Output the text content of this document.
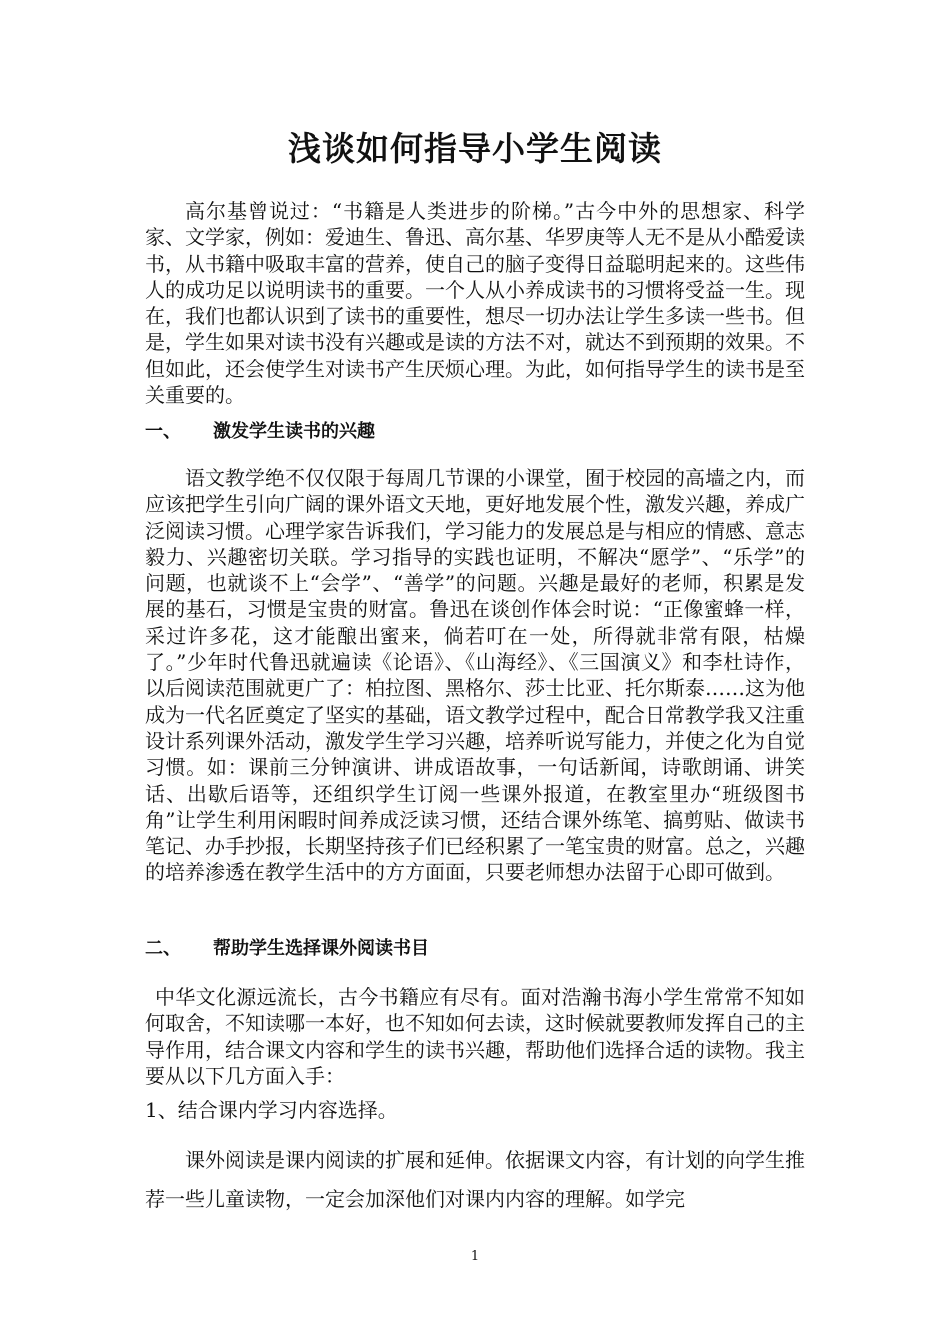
浅谈如何指导小学生阅读

高尔基曾说过：“书籍是人类进步的阶梯。”古今中外的思想家、科学家、文学家，例如：爱迪生、鲁迅、高尔基、华罗庚等人无不是从小酷爱读书，从书籍中吸取丰富的营养，使自己的脑子变得日益聪明起来的。这些伟人的成功足以说明读书的重要。一个人从小养成读书的习惯将受益一生。现在，我们也都认识到了读书的重要性，想尽一切办法让学生多读一些书。但是，学生如果对读书没有兴趣或是读的方法不对，就达不到预期的效果。不但如此，还会使学生对读书产生厌烦心理。为此，如何指导学生的读书是至关重要的。

一、 激发学生读书的兴趣

语文教学绝不仅仅限于每周几节课的小课堂，囿于校园的高墙之内，而应该把学生引向广阔的课外语文天地，更好地发展个性，激发兴趣，养成广泛阅读习惯。心理学家告诉我们，学习能力的发展总是与相应的情感、意志毅力、兴趣密切关联。学习指导的实践也证明，不解决“愿学”、“乐学”的问题，也就谈不上“会学”、“善学”的问题。兴趣是最好的老师，积累是发展的基石，习惯是宝贵的财富。鲁迅在谈创作体会时说：“正像蜜蜂一样，采过许多花，这才能酿出蜜来，倘若叮在一处，所得就非常有限，枯燥了。”少年时代鲁迅就遍读《论语》、《山海经》、《三国演义》和李杜诗作，以后阅读范围就更广了：柏拉图、黑格尔、莎士比亚、托尔斯泰……这为他成为一代名匠奠定了坚实的基础，语文教学过程中，配合日常教学我又注重设计系列课外活动，激发学生学习兴趣，培养听说写能力，并使之化为自觉习惯。如：课前三分钟演讲、讲成语故事，一句话新闻，诗歌朗诵、讲笑话、出歇后语等，还组织学生订阅一些课外报道，在教室里办“班级图书角”让学生利用闲暇时间养成泛读习惯，还结合课外练笔、搞剪贴、做读书笔记、办手抄报，长期坚持孩子们已经积累了一笔宝贵的财富。总之，兴趣的培养渗透在教学生活中的方方面面，只要老师想办法留于心即可做到。

二、 帮助学生选择课外阅读书目

中华文化源远流长，古今书籍应有尽有。面对浩瀚书海小学生常常不知如何取舍，不知读哪一本好，也不知如何去读，这时候就要教师发挥自己的主导作用，结合课文内容和学生的读书兴趣，帮助他们选择合适的读物。我主要从以下几方面入手：

1、结合课内学习内容选择。

课外阅读是课内阅读的扩展和延伸。依据课文内容，有计划的向学生推荐一些儿童读物，一定会加深他们对课内内容的理解。如学完

1
